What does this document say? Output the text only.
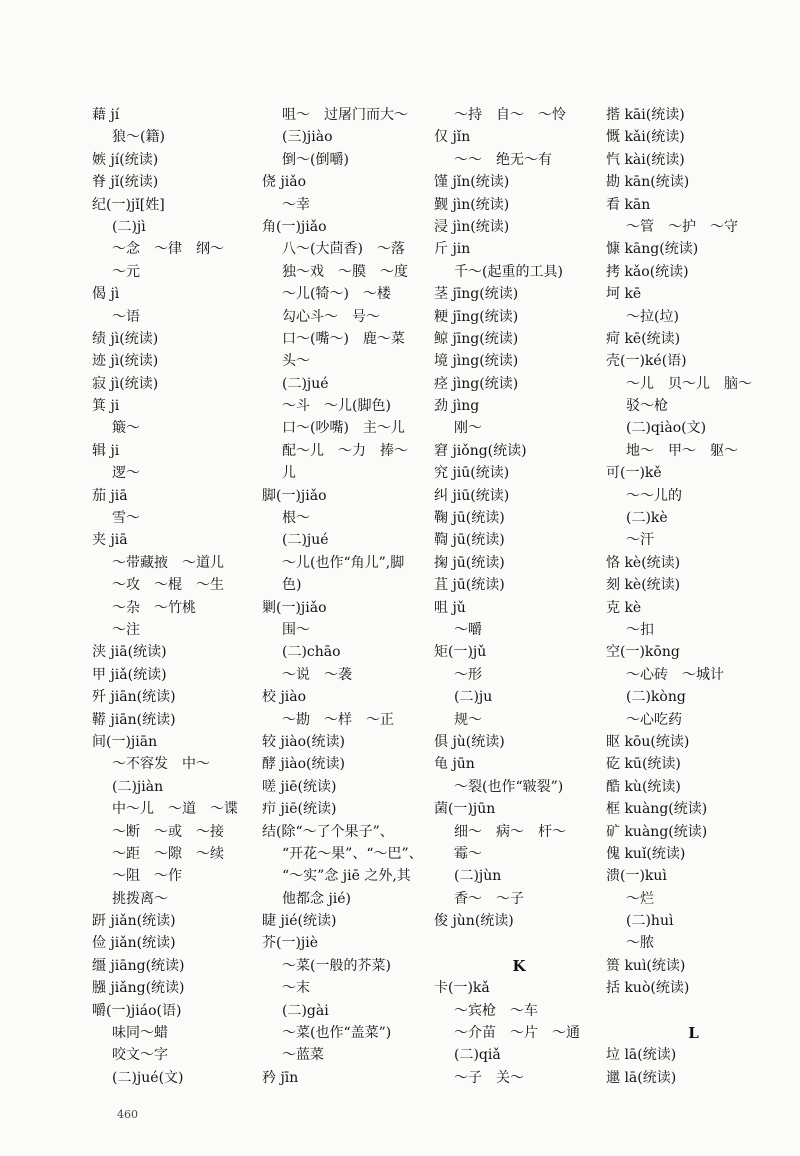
藉 jí
狼～(籍)
嫉 jí(统读)
脊 jǐ(统读)
纪(一)jǐ[姓]
(二)jì
～念　～律　纲～
～元
偈 jì
～语
绩 jì(统读)
迹 jì(统读)
寂 jì(统读)
箕 ji
簸～
辑 ji
逻～
茄 jiā
雪～
夹 jiā
～带藏掖　～道儿
～攻　～棍　～生
～杂　～竹桃
～注
浃 jiā(统读)
甲 jiǎ(统读)
歼 jiān(统读)
鞯 jiān(统读)
间(一)jiān
～不容发　中～
(二)jiàn
中～儿　～道　～谍
～断　～或　～接
～距　～隙　～续
～阻　～作
挑拨离～
趼 jiǎn(统读)
俭 jiǎn(统读)
缰 jiāng(统读)
膙 jiǎng(统读)
嚼(一)jiáo(语)
味同～蜡
咬文～字
(二)jué(文)
咀～　过屠门而大～
(三)jiào
倒～(倒嚼)
侥 jiǎo
～幸
角(一)jiǎo
八～(大茴香)　～落
独～戏　～膜　～度
～儿(犄～)　～楼
勾心斗～　号～
口～(嘴～)　鹿～菜
头～
(二)jué
～斗　～儿(脚色)
口～(吵嘴)　主～儿
配～儿　～力　捧～
儿
脚(一)jiǎo
根～
(二)jué
～儿(也作“角儿”,脚
色)
剿(一)jiǎo
围～
(二)chāo
～说　～袭
校 jiào
～勘　～样　～正
较 jiào(统读)
酵 jiào(统读)
嗟 jiē(统读)
疖 jiē(统读)
结(除“～了个果子”、
“开花～果”、“～巴”、
“～实”念 jiē 之外,其
他都念 jié)
睫 jié(统读)
芥(一)jiè
～菜(一般的芥菜)
～末
(二)gài
～菜(也作“盖菜”)
～蓝菜
矜 jīn
～持　自～　～怜
仅 jǐn
～～　绝无～有
馑 jǐn(统读)
觐 jìn(统读)
浸 jìn(统读)
斤 jin
千～(起重的工具)
茎 jīng(统读)
粳 jīng(统读)
鲸 jīng(统读)
境 jìng(统读)
痉 jìng(统读)
劲 jìng
刚～
窘 jiǒng(统读)
究 jiū(统读)
纠 jiū(统读)
鞠 jū(统读)
鞫 jū(统读)
掬 jū(统读)
苴 jū(统读)
咀 jǔ
～嚼
矩(一)jǔ
～形
(二)ju
规～
俱 jù(统读)
龟 jūn
～裂(也作“皲裂”)
菌(一)jūn
细～　病～　杆～
霉～
(二)jùn
香～　～子
俊 jùn(统读)
K
卡(一)kǎ
～宾枪　～车
～介苗　～片　～通
(二)qiǎ
～子　关～
揩 kāi(统读)
慨 kǎi(统读)
忾 kài(统读)
勘 kān(统读)
看 kān
～管　～护　～守
慷 kāng(统读)
拷 kǎo(统读)
坷 kē
～拉(垃)
疴 kē(统读)
壳(一)ké(语)
～儿　贝～儿　脑～
驳～枪
(二)qiào(文)
地～　甲～　躯～
可(一)kě
～～儿的
(二)kè
～汗
恪 kè(统读)
刻 kè(统读)
克 kè
～扣
空(一)kōng
～心砖　～城计
(二)kòng
～心吃药
眍 kōu(统读)
矻 kū(统读)
酷 kù(统读)
框 kuàng(统读)
矿 kuàng(统读)
傀 kuǐ(统读)
溃(一)kuì
～烂
(二)huì
～脓
篑 kuì(统读)
括 kuò(统读)
L
垃 lā(统读)
邋 lā(统读)
460
